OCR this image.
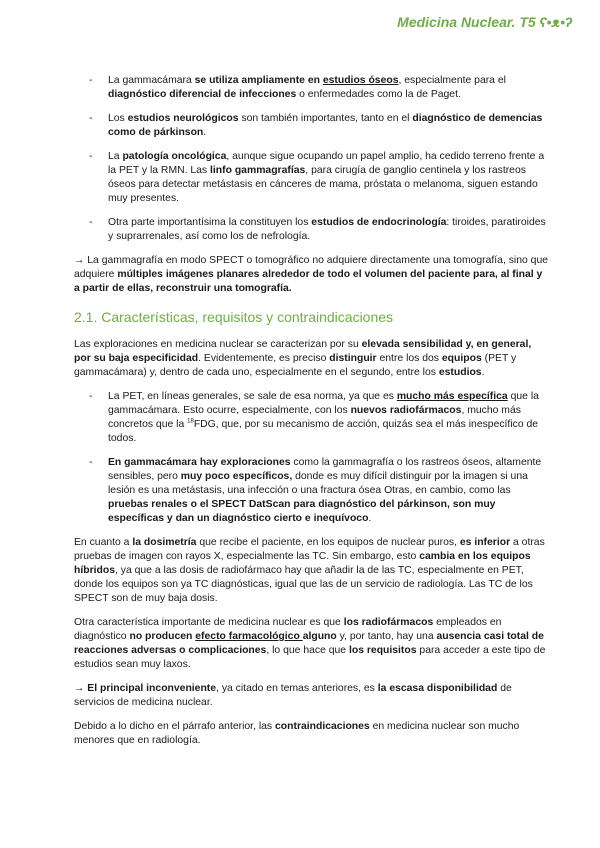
Medicina Nuclear. T5 ʕ•ᴥ•ʔ
- La gammacámara se utiliza ampliamente en estudios óseos, especialmente para el diagnóstico diferencial de infecciones o enfermedades como la de Paget.
- Los estudios neurológicos son también importantes, tanto en el diagnóstico de demencias como de párkinson.
- La patología oncológica, aunque sigue ocupando un papel amplio, ha cedido terreno frente a la PET y la RMN. Las linfo gammagrafías, para cirugía de ganglio centinela y los rastreos óseos para detectar metástasis en cánceres de mama, próstata o melanoma, siguen estando muy presentes.
- Otra parte importantísima la constituyen los estudios de endocrinología: tiroides, paratiroides y suprarrenales, así como los de nefrología.

→ La gammagrafía en modo SPECT o tomográfico no adquiere directamente una tomografía, sino que adquiere múltiples imágenes planares alrededor de todo el volumen del paciente para, al final y a partir de ellas, reconstruir una tomografía.

2.1. Características, requisitos y contraindicaciones

Las exploraciones en medicina nuclear se caracterizan por su elevada sensibilidad y, en general, por su baja especificidad. Evidentemente, es preciso distinguir entre los dos equipos (PET y gammacámara) y, dentro de cada uno, especialmente en el segundo, entre los estudios.

- La PET, en líneas generales, se sale de esa norma, ya que es mucho más específica que la gammacámara. Esto ocurre, especialmente, con los nuevos radiofármacos, mucho más concretos que la $^{18}$FDG, que, por su mecanismo de acción, quizás sea el más inespecífico de todos.
- En gammacámara hay exploraciones como la gammagrafía o los rastreos óseos, altamente sensibles, pero muy poco específicos, donde es muy difícil distinguir por la imagen si una lesión es una metástasis, una infección o una fractura ósea Otras, en cambio, como las pruebas renales o el SPECT DatScan para diagnóstico del párkinson, son muy específicas y dan un diagnóstico cierto e inequívoco.

En cuanto a la dosimetría que recibe el paciente, en los equipos de nuclear puros, es inferior a otras pruebas de imagen con rayos X, especialmente las TC. Sin embargo, esto cambia en los equipos híbridos, ya que a las dosis de radiofármaco hay que añadir la de las TC, especialmente en PET, donde los equipos son ya TC diagnósticas, igual que las de un servicio de radiología. Las TC de los SPECT son de muy baja dosis.

Otra característica importante de medicina nuclear es que los radiofármacos empleados en diagnóstico no producen efecto farmacológico alguno y, por tanto, hay una ausencia casi total de reacciones adversas o complicaciones, lo que hace que los requisitos para acceder a este tipo de estudios sean muy laxos.

→ El principal inconveniente, ya citado en temas anteriores, es la escasa disponibilidad de servicios de medicina nuclear.

Debido a lo dicho en el párrafo anterior, las contraindicaciones en medicina nuclear son mucho menores que en radiología.
